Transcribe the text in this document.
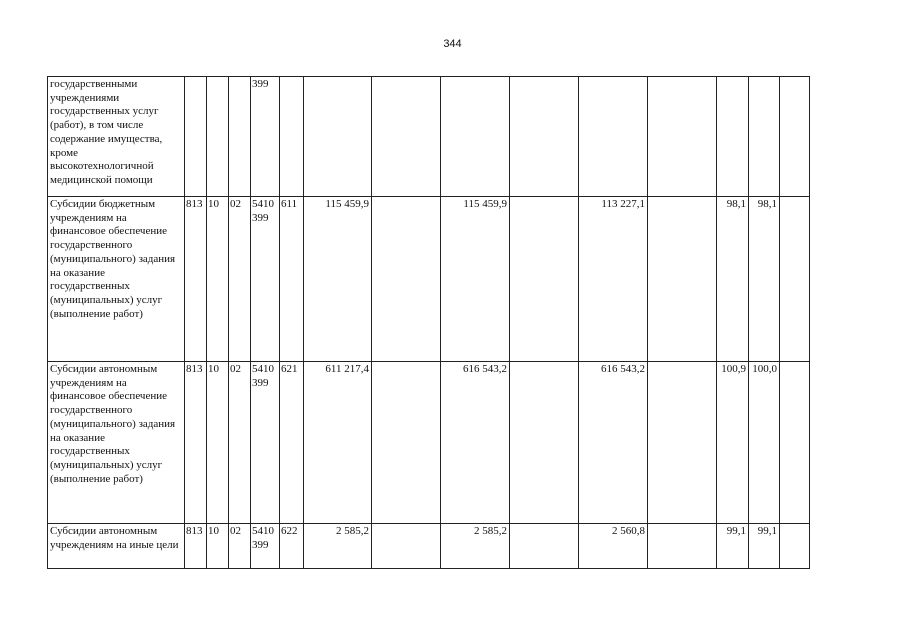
344
государственными учреждениями государственных услуг (работ), в том числе содержание имущества, кроме высокотехнологичной медицинской помощи				399										
Субсидии бюджетным учреждениям на финансовое обеспечение государственного (муниципального) задания на оказание государственных (муниципальных) услуг (выполнение работ)	813	10	02	5410 399	611	115 459,9		115 459,9		113 227,1		98,1	98,1	
Субсидии автономным учреждениям на финансовое обеспечение государственного (муниципального) задания на оказание государственных (муниципальных) услуг (выполнение работ)	813	10	02	5410 399	621	611 217,4		616 543,2		616 543,2		100,9	100,0	
Субсидии автономным учреждениям на иные цели	813	10	02	5410 399	622	2 585,2		2 585,2		2 560,8		99,1	99,1	
